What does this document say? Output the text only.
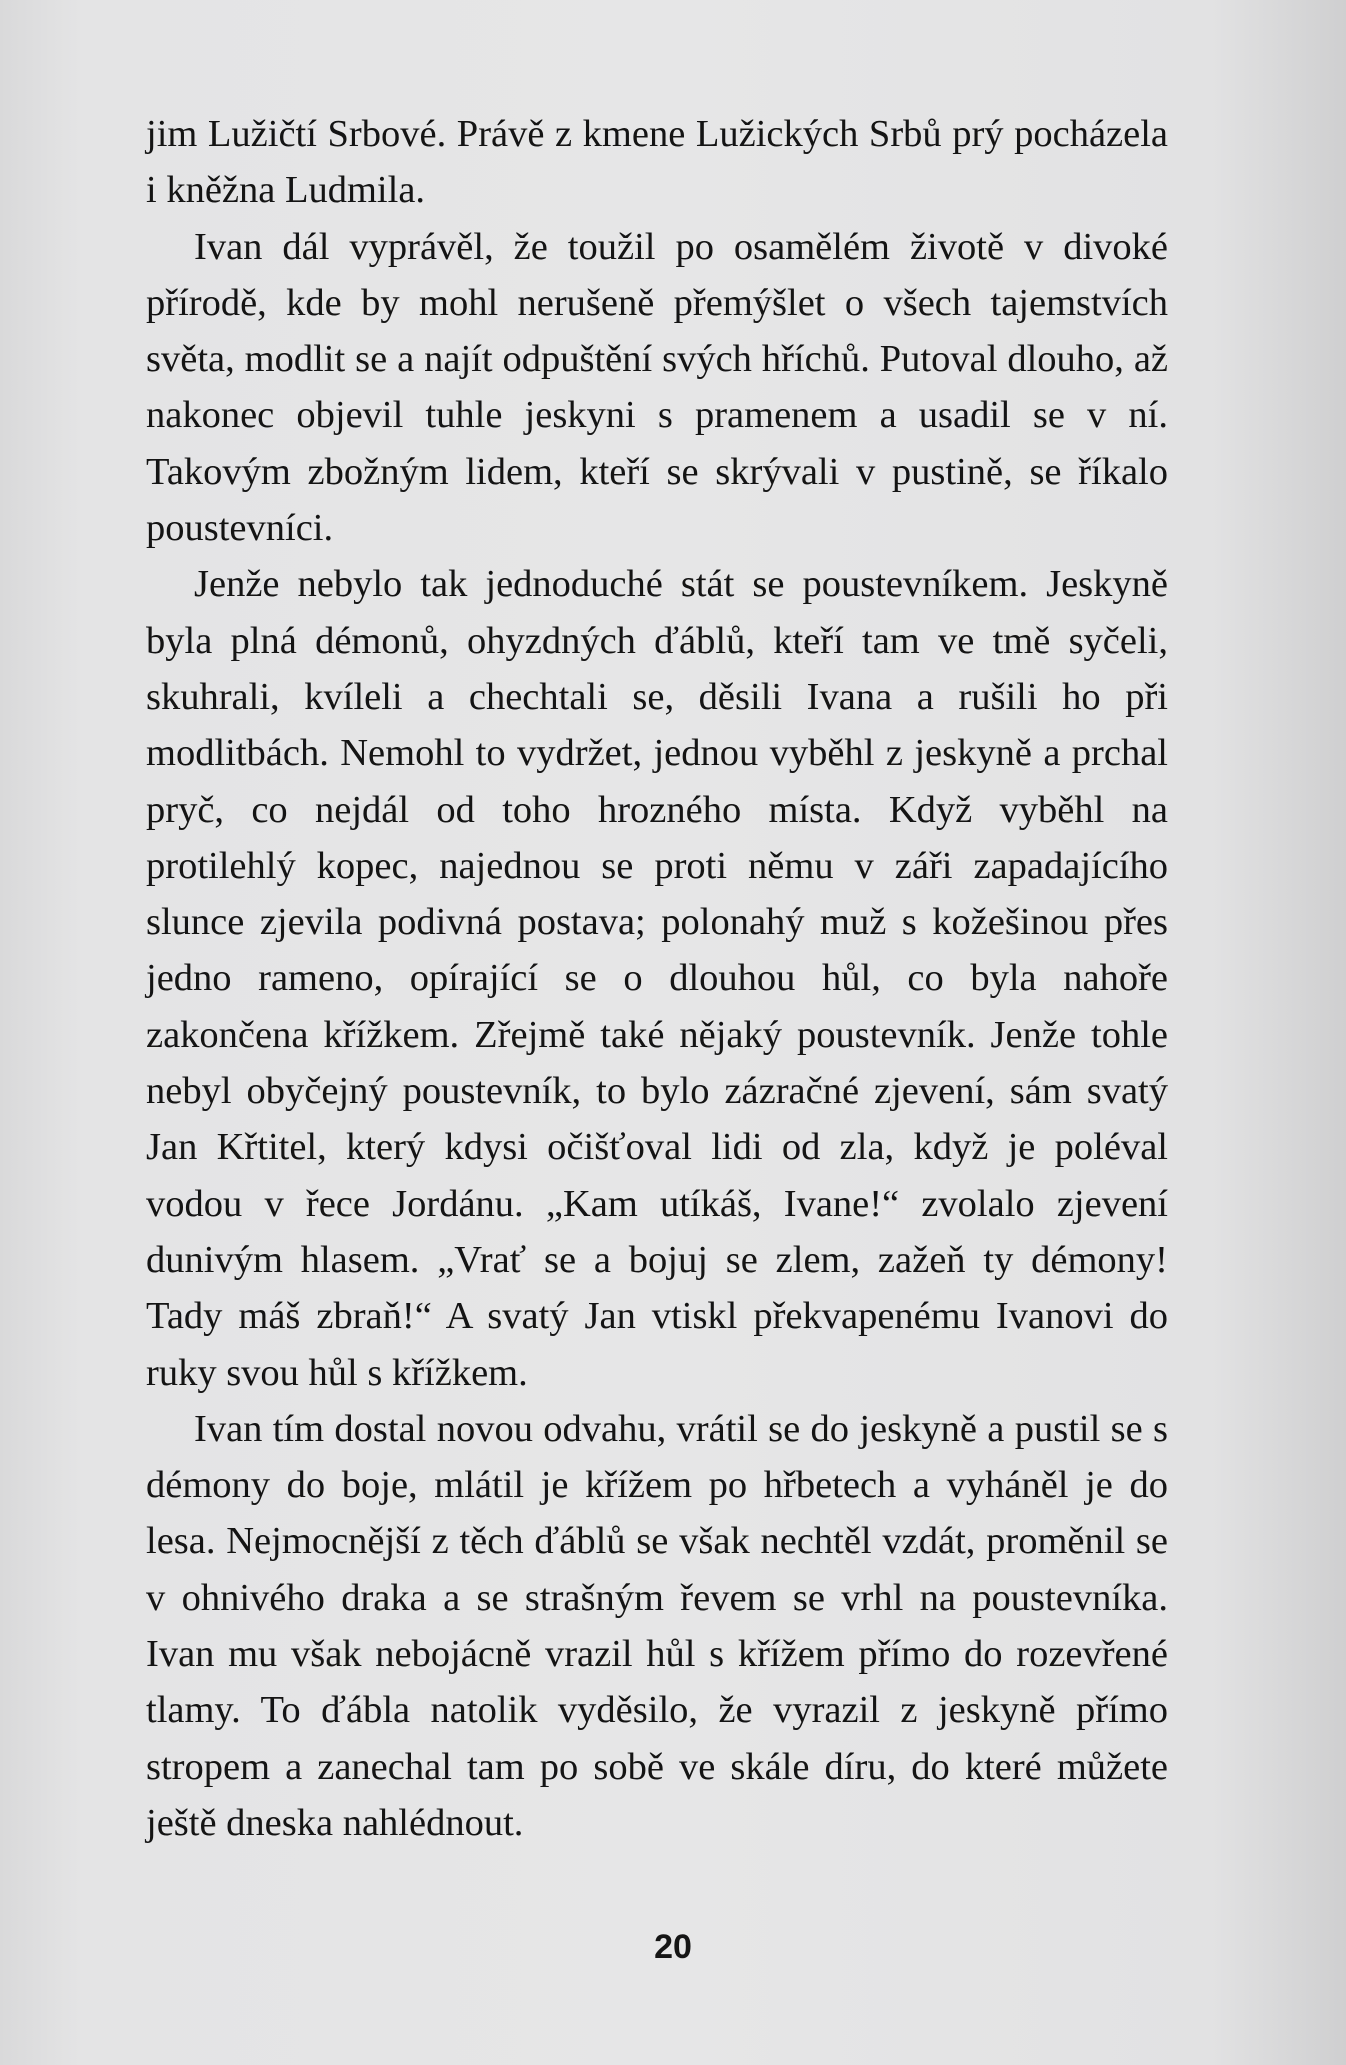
jim Lužičtí Srbové. Právě z kmene Lužických Srbů prý pocházela i kněžna Ludmila.

Ivan dál vyprávěl, že toužil po osamělém životě v divoké přírodě, kde by mohl nerušeně přemýšlet o všech tajemstvích světa, modlit se a najít odpuštění svých hříchů. Putoval dlouho, až nakonec objevil tuhle jeskyni s pramenem a usadil se v ní. Takovým zbožným lidem, kteří se skrývali v pustině, se říkalo poustevníci.

Jenže nebylo tak jednoduché stát se poustevníkem. Jeskyně byla plná démonů, ohyzdných ďáblů, kteří tam ve tmě syčeli, skuhrali, kvíleli a chechtali se, děsili Ivana a rušili ho při modlitbách. Nemohl to vydržet, jednou vyběhl z jeskyně a prchal pryč, co nejdál od toho hrozného místa. Když vyběhl na protilehlý kopec, najednou se proti němu v záři zapadajícího slunce zjevila podivná postava; polonahý muž s kožešinou přes jedno rameno, opírající se o dlouhou hůl, co byla nahoře zakončena křížkem. Zřejmě také nějaký poustevník. Jenže tohle nebyl obyčejný poustevník, to bylo zázračné zjevení, sám svatý Jan Křtitel, který kdysi očišťoval lidi od zla, když je poléval vodou v řece Jordánu. „Kam utíkáš, Ivane!“ zvolalo zjevení dunivým hlasem. „Vrať se a bojuj se zlem, zažeň ty démony! Tady máš zbraň!“ A svatý Jan vtiskl překvapenému Ivanovi do ruky svou hůl s křížkem.

Ivan tím dostal novou odvahu, vrátil se do jeskyně a pustil se s démony do boje, mlátil je křížem po hřbetech a vyháněl je do lesa. Nejmocnější z těch ďáblů se však nechtěl vzdát, proměnil se v ohnivého draka a se strašným řevem se vrhl na poustevníka. Ivan mu však nebojácně vrazil hůl s křížem přímo do rozevřené tlamy. To ďábla natolik vyděsilo, že vyrazil z jeskyně přímo stropem a zanechal tam po sobě ve skále díru, do které můžete ještě dneska nahlédnout.

20
